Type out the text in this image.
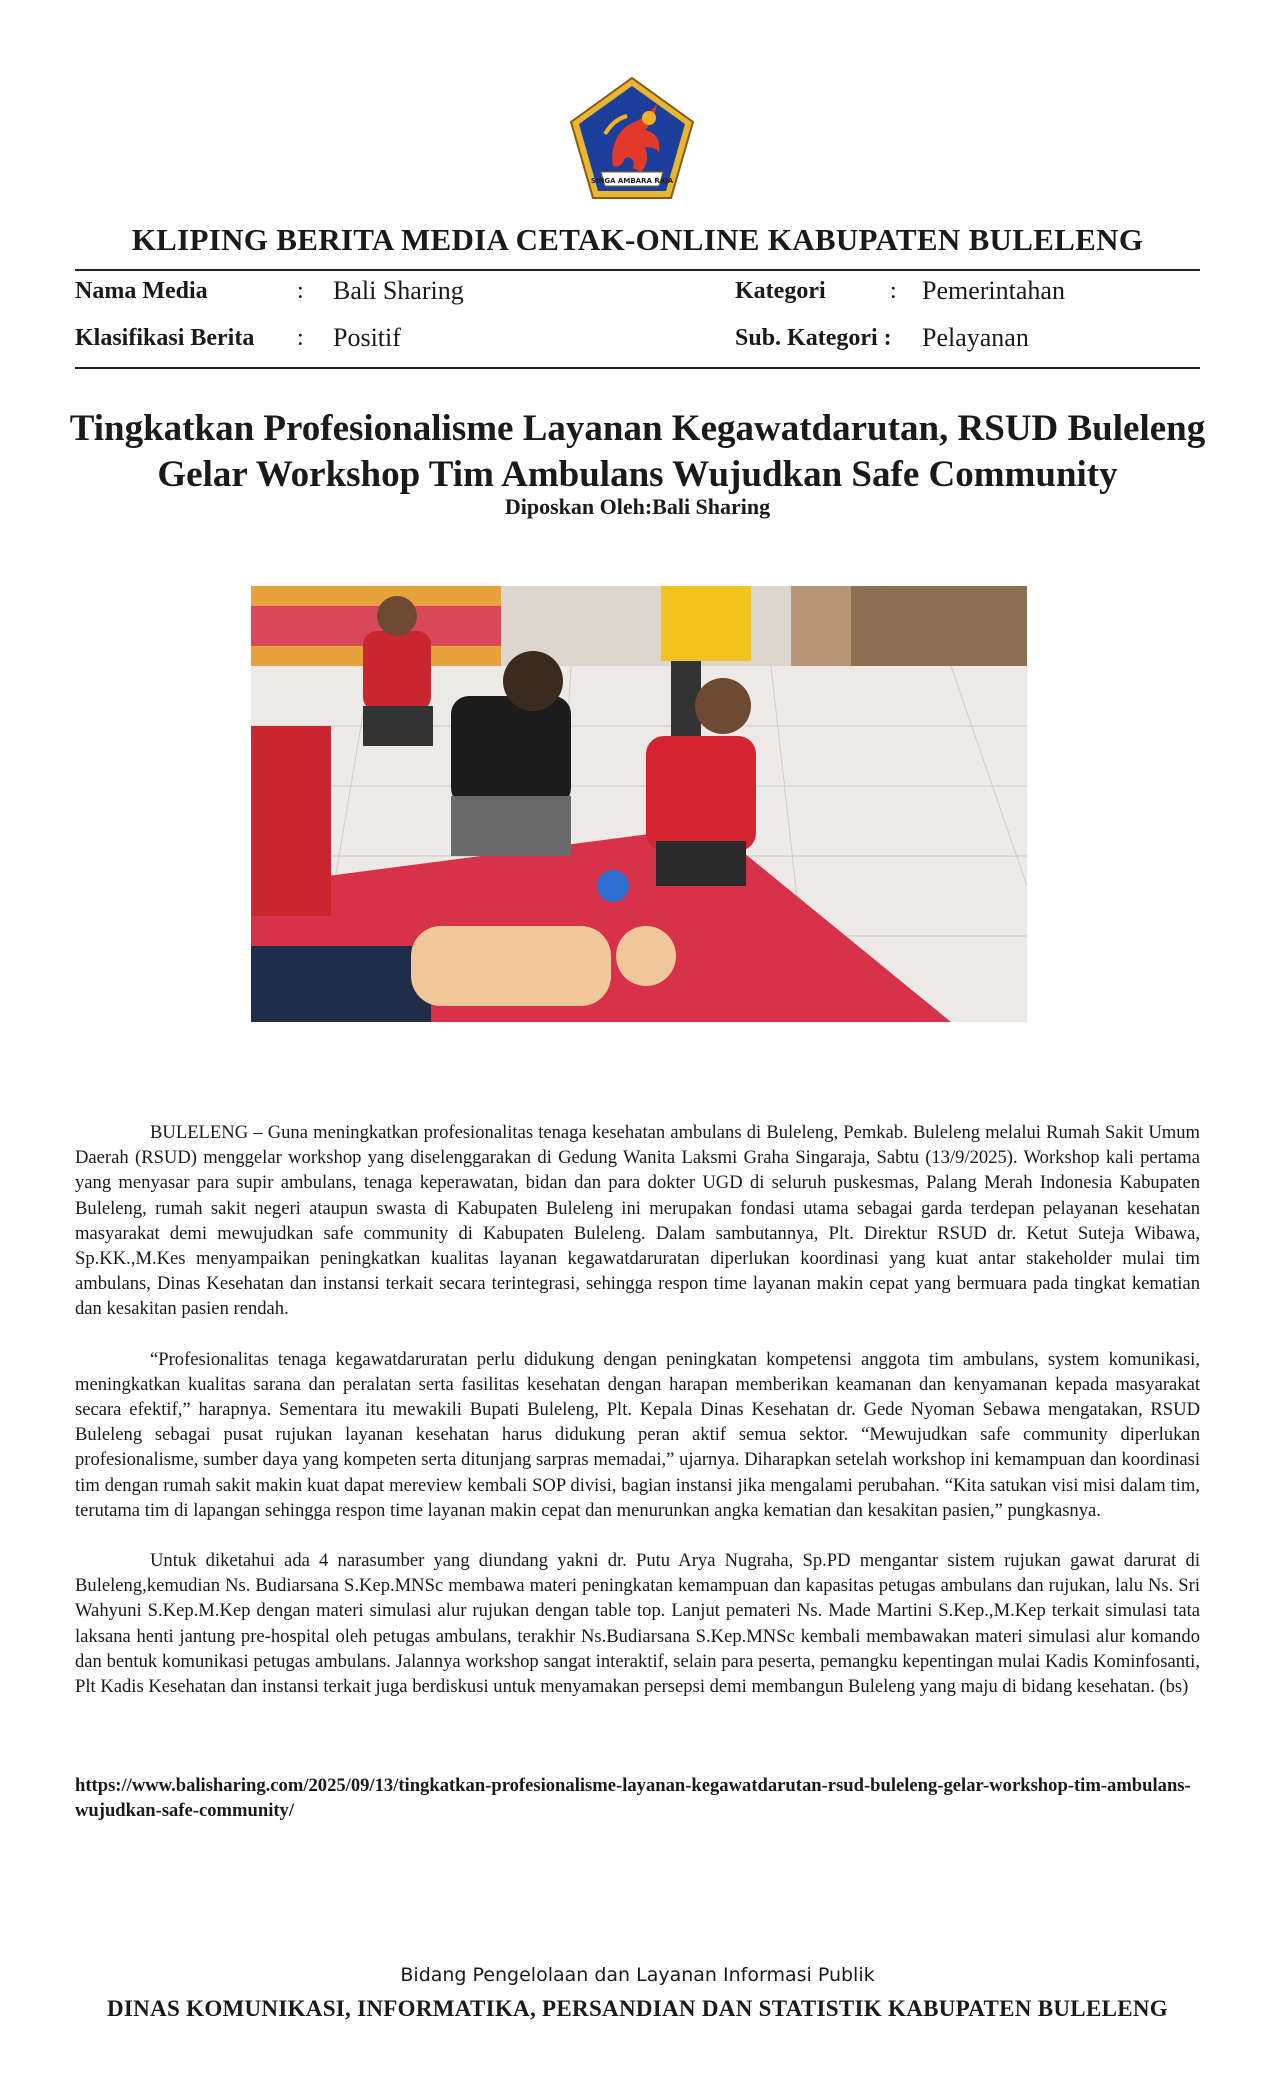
SINGA AMBARA RAJA
KLIPING BERITA MEDIA CETAK-ONLINE KABUPATEN BULELENG
Nama Media	: Bali Sharing	Kategori	: Pemerintahan
Klasifikasi Berita : Positif	Sub. Kategori : Pelayanan
Tingkatkan Profesionalisme Layanan Kegawatdarutan, RSUD Buleleng
Gelar Workshop Tim Ambulans Wujudkan Safe Community
Diposkan Oleh:Bali Sharing

BULELENG – Guna meningkatkan profesionalitas tenaga kesehatan ambulans di Buleleng, Pemkab. Buleleng melalui Rumah Sakit Umum Daerah (RSUD) menggelar workshop yang diselenggarakan di Gedung Wanita Laksmi Graha Singaraja, Sabtu (13/9/2025). Workshop kali pertama yang menyasar para supir ambulans, tenaga keperawatan, bidan dan para dokter UGD di seluruh puskesmas, Palang Merah Indonesia Kabupaten Buleleng, rumah sakit negeri ataupun swasta di Kabupaten Buleleng ini merupakan fondasi utama sebagai garda terdepan pelayanan kesehatan masyarakat demi mewujudkan safe community di Kabupaten Buleleng. Dalam sambutannya, Plt. Direktur RSUD dr. Ketut Suteja Wibawa, Sp.KK.,M.Kes menyampaikan peningkatkan kualitas layanan kegawatdaruratan diperlukan koordinasi yang kuat antar stakeholder mulai tim ambulans, Dinas Kesehatan dan instansi terkait secara terintegrasi, sehingga respon time layanan makin cepat yang bermuara pada tingkat kematian dan kesakitan pasien rendah.

“Profesionalitas tenaga kegawatdaruratan perlu didukung dengan peningkatan kompetensi anggota tim ambulans, system komunikasi, meningkatkan kualitas sarana dan peralatan serta fasilitas kesehatan dengan harapan memberikan keamanan dan kenyamanan kepada masyarakat secara efektif,” harapnya. Sementara itu mewakili Bupati Buleleng, Plt. Kepala Dinas Kesehatan dr. Gede Nyoman Sebawa mengatakan, RSUD Buleleng sebagai pusat rujukan layanan kesehatan harus didukung peran aktif semua sektor. “Mewujudkan safe community diperlukan profesionalisme, sumber daya yang kompeten serta ditunjang sarpras memadai,” ujarnya. Diharapkan setelah workshop ini kemampuan dan koordinasi tim dengan rumah sakit makin kuat dapat mereview kembali SOP divisi, bagian instansi jika mengalami perubahan. “Kita satukan visi misi dalam tim, terutama tim di lapangan sehingga respon time layanan makin cepat dan menurunkan angka kematian dan kesakitan pasien,” pungkasnya.

Untuk diketahui ada 4 narasumber yang diundang yakni dr. Putu Arya Nugraha, Sp.PD mengantar sistem rujukan gawat darurat di Buleleng,kemudian Ns. Budiarsana S.Kep.MNSc membawa materi peningkatan kemampuan dan kapasitas petugas ambulans dan rujukan, lalu Ns. Sri Wahyuni S.Kep.M.Kep dengan materi simulasi alur rujukan dengan table top. Lanjut pemateri Ns. Made Martini S.Kep.,M.Kep terkait simulasi tata laksana henti jantung pre-hospital oleh petugas ambulans, terakhir Ns.Budiarsana S.Kep.MNSc kembali membawakan materi simulasi alur komando dan bentuk komunikasi petugas ambulans. Jalannya workshop sangat interaktif, selain para peserta, pemangku kepentingan mulai Kadis Kominfosanti, Plt Kadis Kesehatan dan instansi terkait juga berdiskusi untuk menyamakan persepsi demi membangun Buleleng yang maju di bidang kesehatan. (bs)

https://www.balisharing.com/2025/09/13/tingkatkan-profesionalisme-layanan-kegawatdarutan-rsud-buleleng-gelar-workshop-tim-ambulans-wujudkan-safe-community/
Bidang Pengelolaan dan Layanan Informasi Publik
DINAS KOMUNIKASI, INFORMATIKA, PERSANDIAN DAN STATISTIK KABUPATEN BULELENG
